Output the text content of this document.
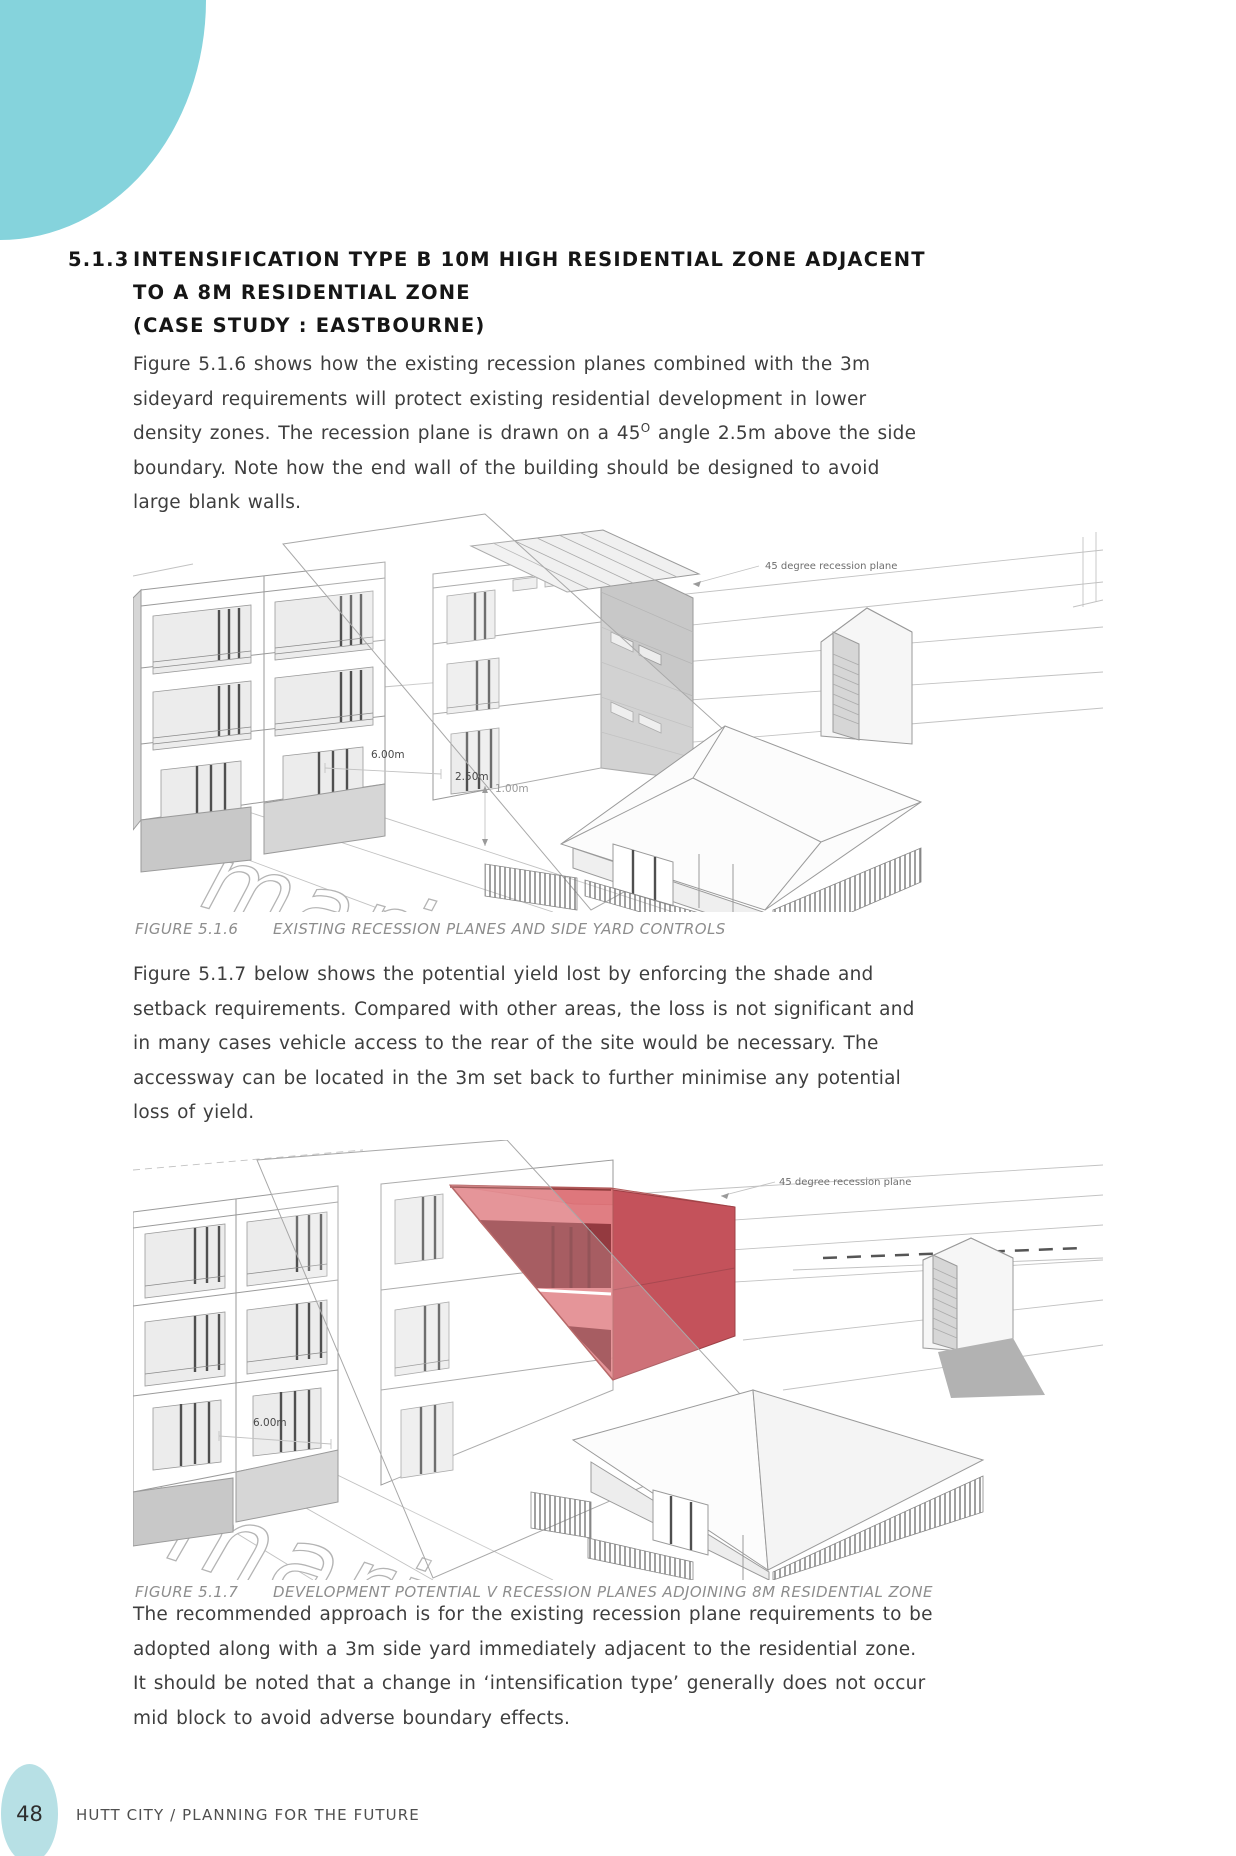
5.1.3 INTENSIFICATION TYPE B 10M HIGH RESIDENTIAL ZONE ADJACENT
TO A 8M RESIDENTIAL ZONE
(CASE STUDY : EASTBOURNE)
Figure 5.1.6 shows how the existing recession planes combined with the 3m sideyard requirements will protect existing residential development in lower density zones. The recession plane is drawn on a $45^O$ angle 2.5m above the side boundary. Note how the end wall of the building should be designed to avoid large blank walls.
45 degree recession plane
6.00m
2.50m
1.00m
FIGURE 5.1.6	EXISTING RECESSION PLANES AND SIDE YARD CONTROLS
Figure 5.1.7 below shows the potential yield lost by enforcing the shade and setback requirements. Compared with other areas, the loss is not significant and in many cases vehicle access to the rear of the site would be necessary. The accessway can be located in the 3m set back to further minimise any potential loss of yield.
45 degree recession plane
6.00m
FIGURE 5.1.7	DEVELOPMENT POTENTIAL V RECESSION PLANES ADJOINING 8M RESIDENTIAL ZONE
The recommended approach is for the existing recession plane requirements to be adopted along with a 3m side yard immediately adjacent to the residential zone. It should be noted that a change in ‘intensification type’ generally does not occur mid block to avoid adverse boundary effects.
48 HUTT CITY / PLANNING FOR THE FUTURE
